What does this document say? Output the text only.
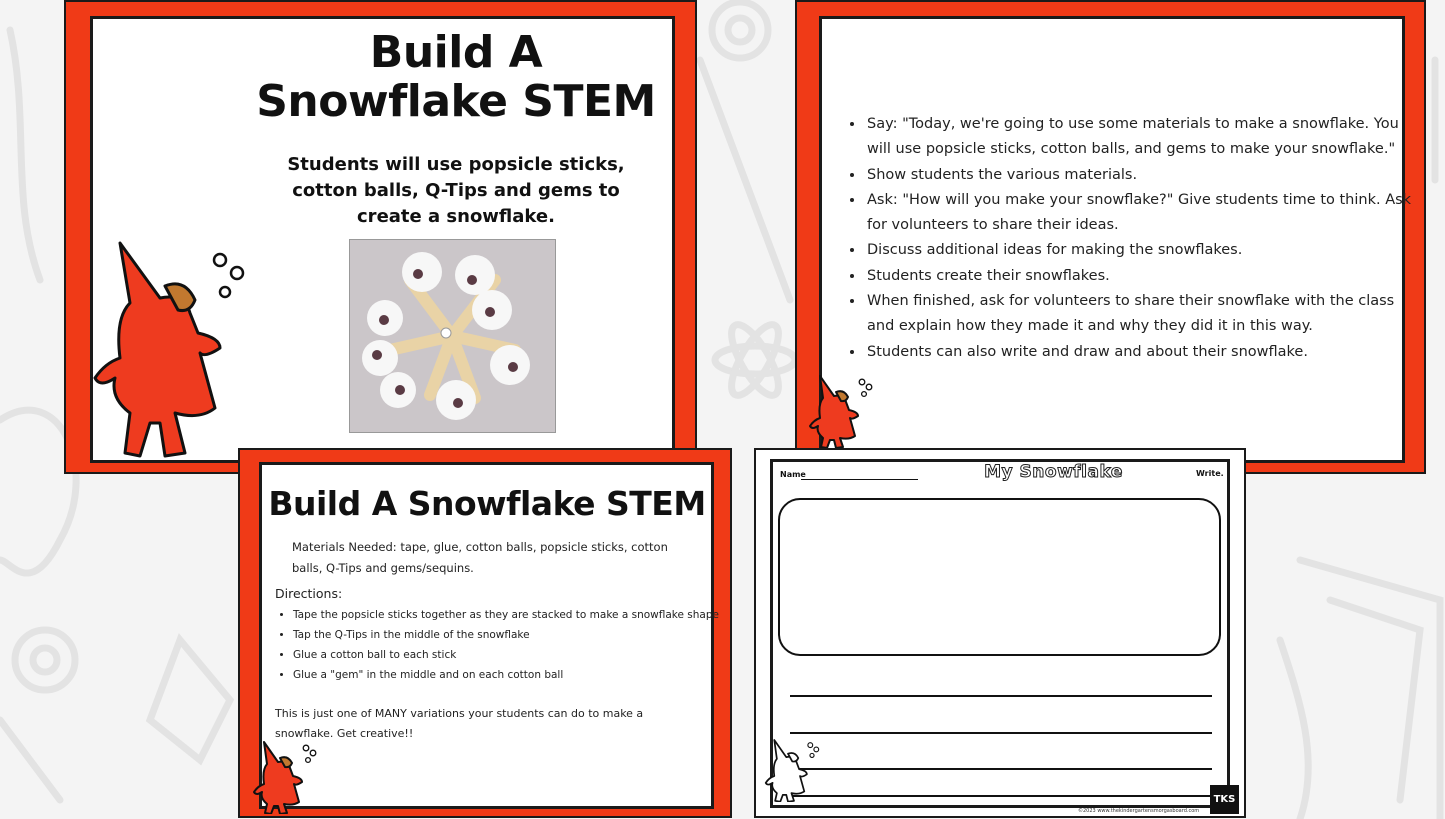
Build A
Snowflake STEM
Students will use popsicle sticks, cotton balls, Q-Tips and gems to create a snowflake.
• Say: "Today, we're going to use some materials to make a snowflake. You will use popsicle sticks, cotton balls, and gems to make your snowflake."
• Show students the various materials.
• Ask: "How will you make your snowflake?" Give students time to think. Ask for volunteers to share their ideas.
• Discuss additional ideas for making the snowflakes.
• Students create their snowflakes.
• When finished, ask for volunteers to share their snowflake with the class and explain how they made it and why they did it in this way.
• Students can also write and draw and about their snowflake.
Build A Snowflake STEM
Materials Needed: tape, glue, cotton balls, popsicle sticks, cotton balls, Q-Tips and gems/sequins.
Directions:
• Tape the popsicle sticks together as they are stacked to make a snowflake shape
• Tap the Q-Tips in the middle of the snowflake
• Glue a cotton ball to each stick
• Glue a "gem" in the middle and on each cotton ball
This is just one of MANY variations your students can do to make a snowflake. Get creative!!
Name	My Snowflake	Write.
TKS
©2023 www.thekindergartensmorgasboard.com
